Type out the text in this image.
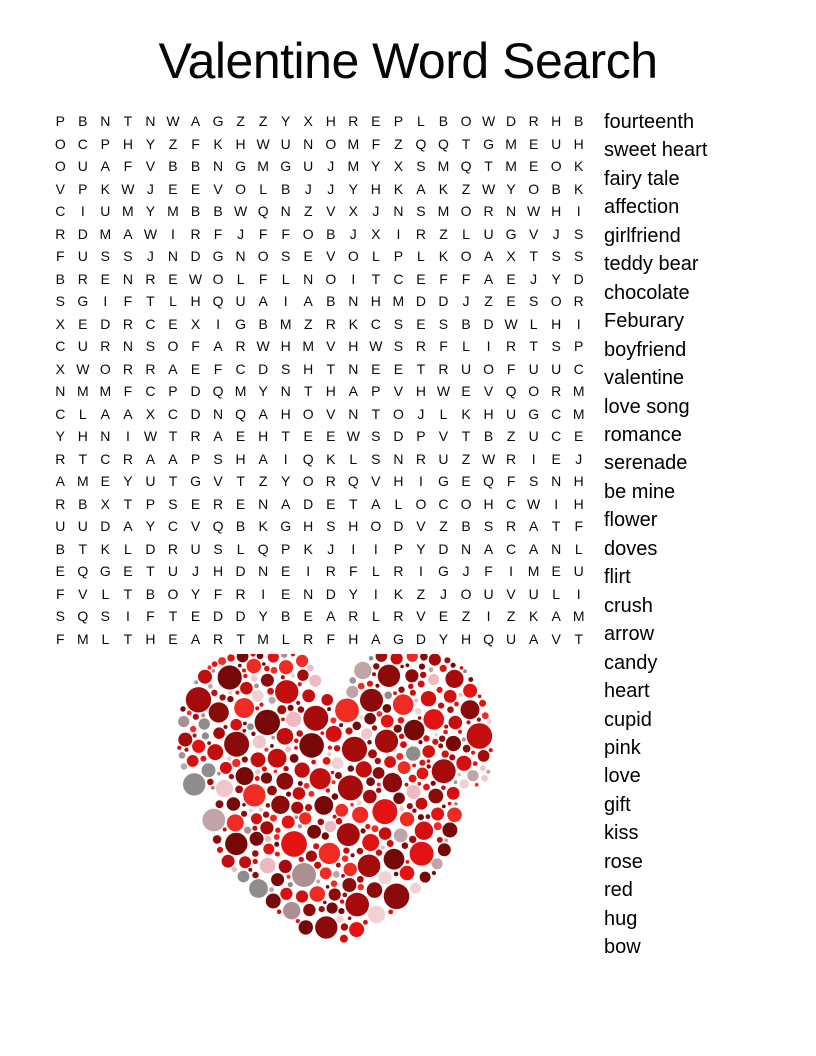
Valentine Word Search
P B N T N W A G Z Z Y X H R E P L B O W D R H B
O C P H Y Z F K H W U N O M F Z Q Q T G M E U H
O U A F V B B N G M G U J M Y X S M Q T M E O K
V P K W J	E E V O L B	J	J	Y H K A K Z W Y O B K
C	I	U M Y M B B W Q N Z V X	J N S M O R N W H	I
R D M A W I	R F	J	F F O B	J	X	I	R Z	L U G V	J	S
F U S S	J N D G N O S E V O L P L K O A X T S S
B R E N R E W O L	F	L N O	I	T C E F F A E	J	Y D
S G	I	F T	L H Q U A	I	A B N H M D D J	Z E S O R
X E D R C E X	I	G B M Z R K C S E S B D W L H	I
C U R N S O F A R W H M V H W S R F	L	I	R T S P
X W O R R A E F C D S H T N E E T R U O F U U C
N M M F C P D Q M Y N T H A P V H W E V Q O R M
C L A A X C D N Q A H O V N T O J	L K H U G C M
Y H N	I W T R A E H T E E W S D P V T B Z U C E
R T C R A A P S H A	I	Q K L S N R U Z W R	I	E	J
A M E Y U T G V T Z Y O R Q V H	I	G E Q F S N H
R B X T P S E R E N A D E T A L O C O H C W	I	H
U U D A Y C V Q B K G H S H O D V Z B S R A T F
B T K L D R U S L Q P K	J	I	I	P Y D N A C A N L
E Q G E T U J H D N E	I	R F	L R	I	G J	F	I	M E U
F V L	T B O Y F R	I	E N D Y	I	K Z	J O U V U L	I
S Q S	I	F T E D D Y B E A R L R V E Z	I	Z K A M
F M L	T H E A R T M L R F H A G D Y H Q U A V T
fourteenth
sweet heart
fairy tale
affection
girlfriend
teddy bear
chocolate
Feburary
boyfriend
valentine
love song
romance
serenade
be mine
flower
doves
flirt
crush
arrow
candy
heart
cupid
pink
love
gift
kiss
rose
red
hug
bow
